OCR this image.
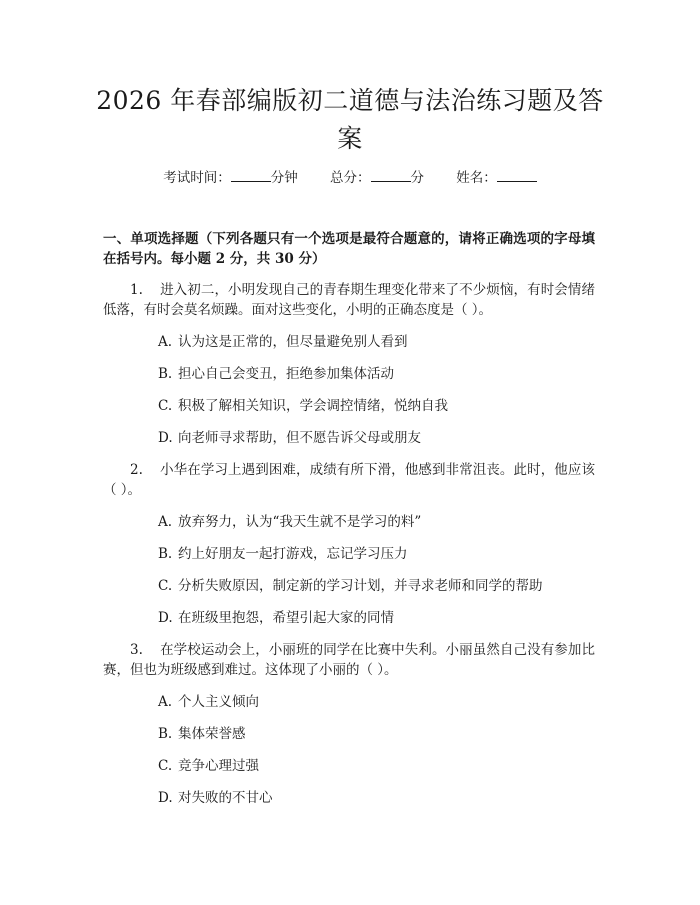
2026 年春部编版初二道德与法治练习题及答案
考试时间：	分钟 总分：	分 姓名：
一、单项选择题（下列各题只有一个选项是最符合题意的，请将正确选项的字母填在括号内。每小题 2 分，共 30 分）
1. 进入初二，小明发现自己的青春期生理变化带来了不少烦恼，有时会情绪低落，有时会莫名烦躁。面对这些变化，小明的正确态度是（ ）。
A. 认为这是正常的，但尽量避免别人看到
B. 担心自己会变丑，拒绝参加集体活动
C. 积极了解相关知识，学会调控情绪，悦纳自我
D. 向老师寻求帮助，但不愿告诉父母或朋友
2. 小华在学习上遇到困难，成绩有所下滑，他感到非常沮丧。此时，他应该（ ）。
A. 放弃努力，认为“我天生就不是学习的料”
B. 约上好朋友一起打游戏，忘记学习压力
C. 分析失败原因，制定新的学习计划，并寻求老师和同学的帮助
D. 在班级里抱怨，希望引起大家的同情
3. 在学校运动会上，小丽班的同学在比赛中失利。小丽虽然自己没有参加比赛，但也为班级感到难过。这体现了小丽的（ ）。
A. 个人主义倾向
B. 集体荣誉感
C. 竞争心理过强
D. 对失败的不甘心
